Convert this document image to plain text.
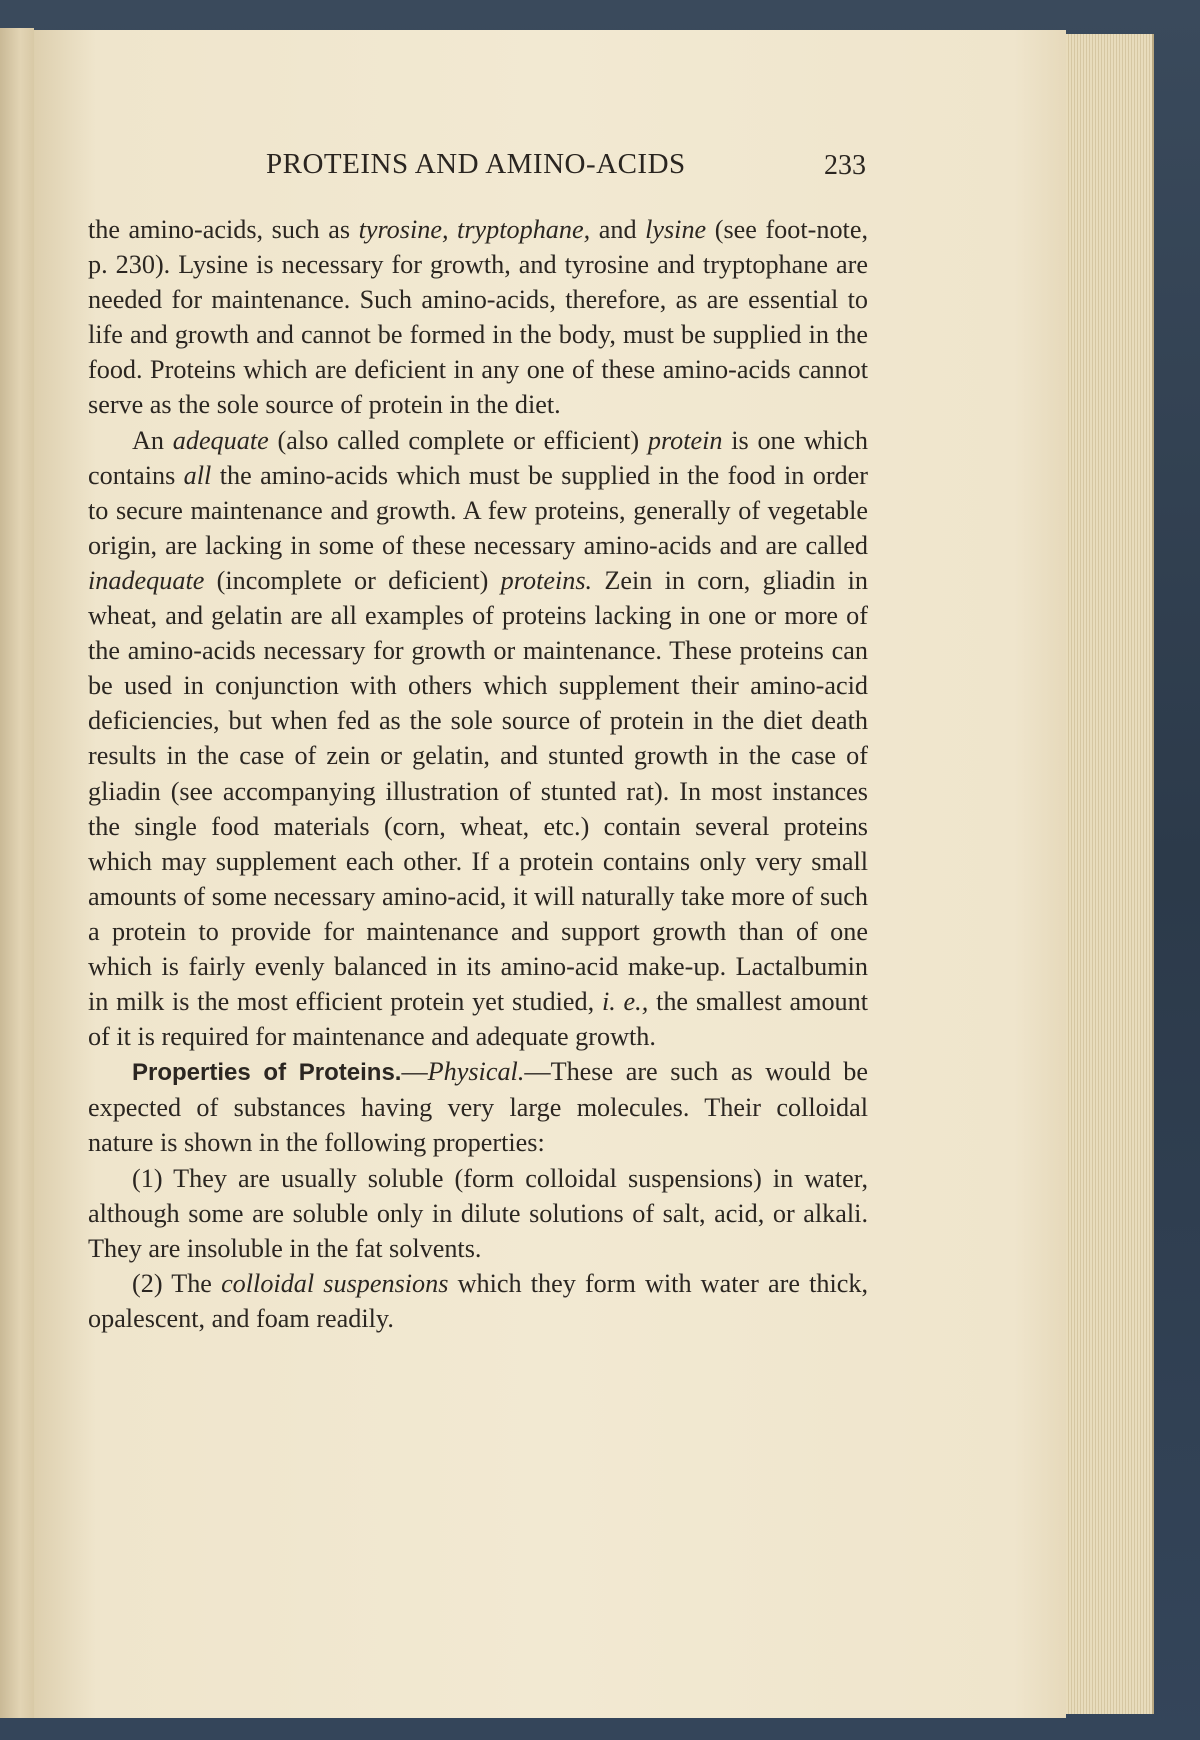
PROTEINS AND AMINO-ACIDS	233

the amino-acids, such as tyrosine, tryptophane, and lysine (see foot-note, p. 230). Lysine is necessary for growth, and tyrosine and tryptophane are needed for maintenance. Such amino-acids, therefore, as are essential to life and growth and cannot be formed in the body, must be supplied in the food. Proteins which are deficient in any one of these amino-acids cannot serve as the sole source of protein in the diet.

An adequate (also called complete or efficient) protein is one which contains all the amino-acids which must be supplied in the food in order to secure maintenance and growth. A few proteins, generally of vegetable origin, are lacking in some of these necessary amino-acids and are called inadequate (incomplete or deficient) proteins. Zein in corn, gliadin in wheat, and gelatin are all examples of proteins lacking in one or more of the amino-acids necessary for growth or maintenance. These proteins can be used in conjunction with others which supplement their amino-acid deficiencies, but when fed as the sole source of protein in the diet death results in the case of zein or gelatin, and stunted growth in the case of gliadin (see accompanying illustration of stunted rat). In most instances the single food materials (corn, wheat, etc.) contain several proteins which may supplement each other. If a protein contains only very small amounts of some necessary amino-acid, it will naturally take more of such a protein to provide for maintenance and support growth than of one which is fairly evenly balanced in its amino-acid make-up. Lactalbumin in milk is the most efficient protein yet studied, i. e., the smallest amount of it is required for maintenance and adequate growth.

Properties of Proteins.—Physical.—These are such as would be expected of substances having very large molecules. Their colloidal nature is shown in the following properties:

(1) They are usually soluble (form colloidal suspensions) in water, although some are soluble only in dilute solutions of salt, acid, or alkali. They are insoluble in the fat solvents.

(2) The colloidal suspensions which they form with water are thick, opalescent, and foam readily.
